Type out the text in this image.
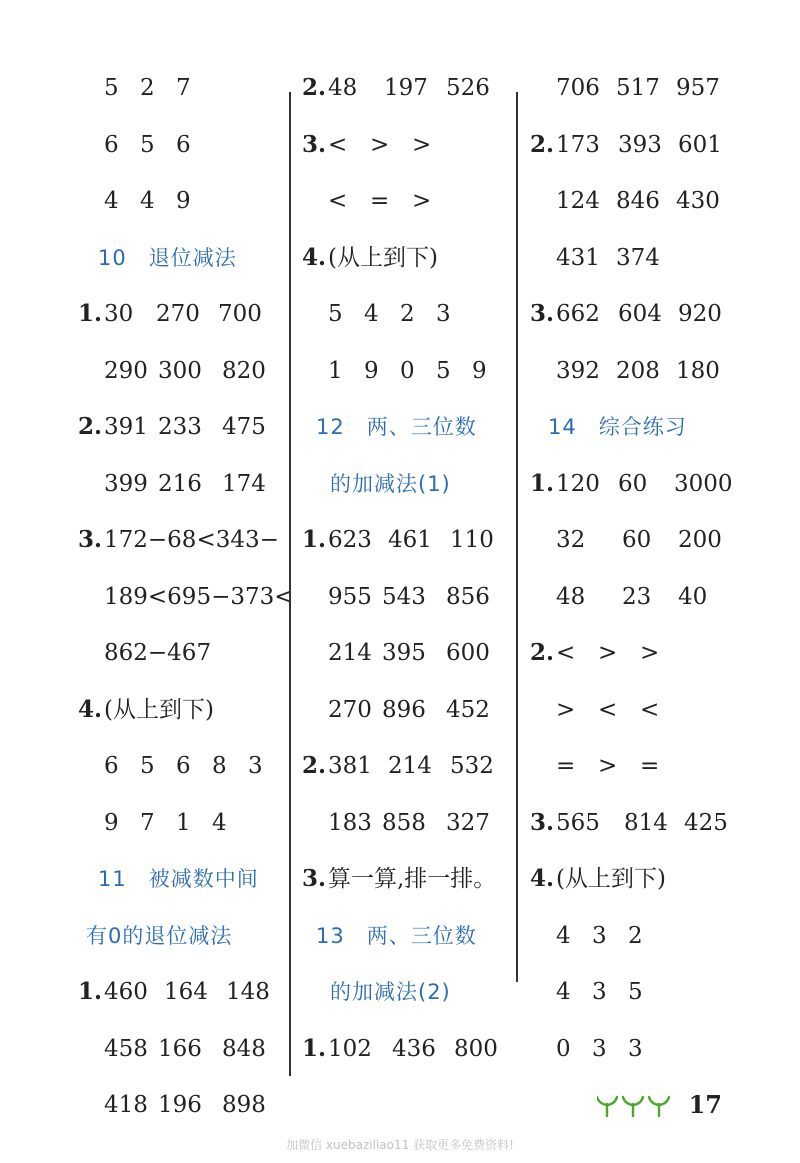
5 2 7
6 5 6
4 4 9
10　退位减法
1.30 270 700
290 300 820
2.391 233 475
399 216 174
3.172−68<343−
189<695−373<
862−467
4.(从上到下)
6 5 6 8 3
9 7 1 4
11　被减数中间
有0的退位减法
1.460 164 148
458 166 848
418 196 898
2.48 197 526
3.< > >
< = >
4.(从上到下)
5 4 2 3
1 9 0 5 9
12　两、三位数
的加减法(1)
1.623 461 110
955 543 856
214 395 600
270 896 452
2.381 214 532
183 858 327
3.算一算,排一排。
13　两、三位数
的加减法(2)
1.102 436 800
706 517 957
2.173 393 601
124 846 430
431 374
3.662 604 920
392 208 180
14　综合练习
1.120 60 3000
32 60 200
48 23 40
2.< > >
> < <
= > =
3.565 814 425
4.(从上到下)
4 3 2
4 3 5
0 3 3
17
加微信 xuebaziliao11 获取更多免费资料!
